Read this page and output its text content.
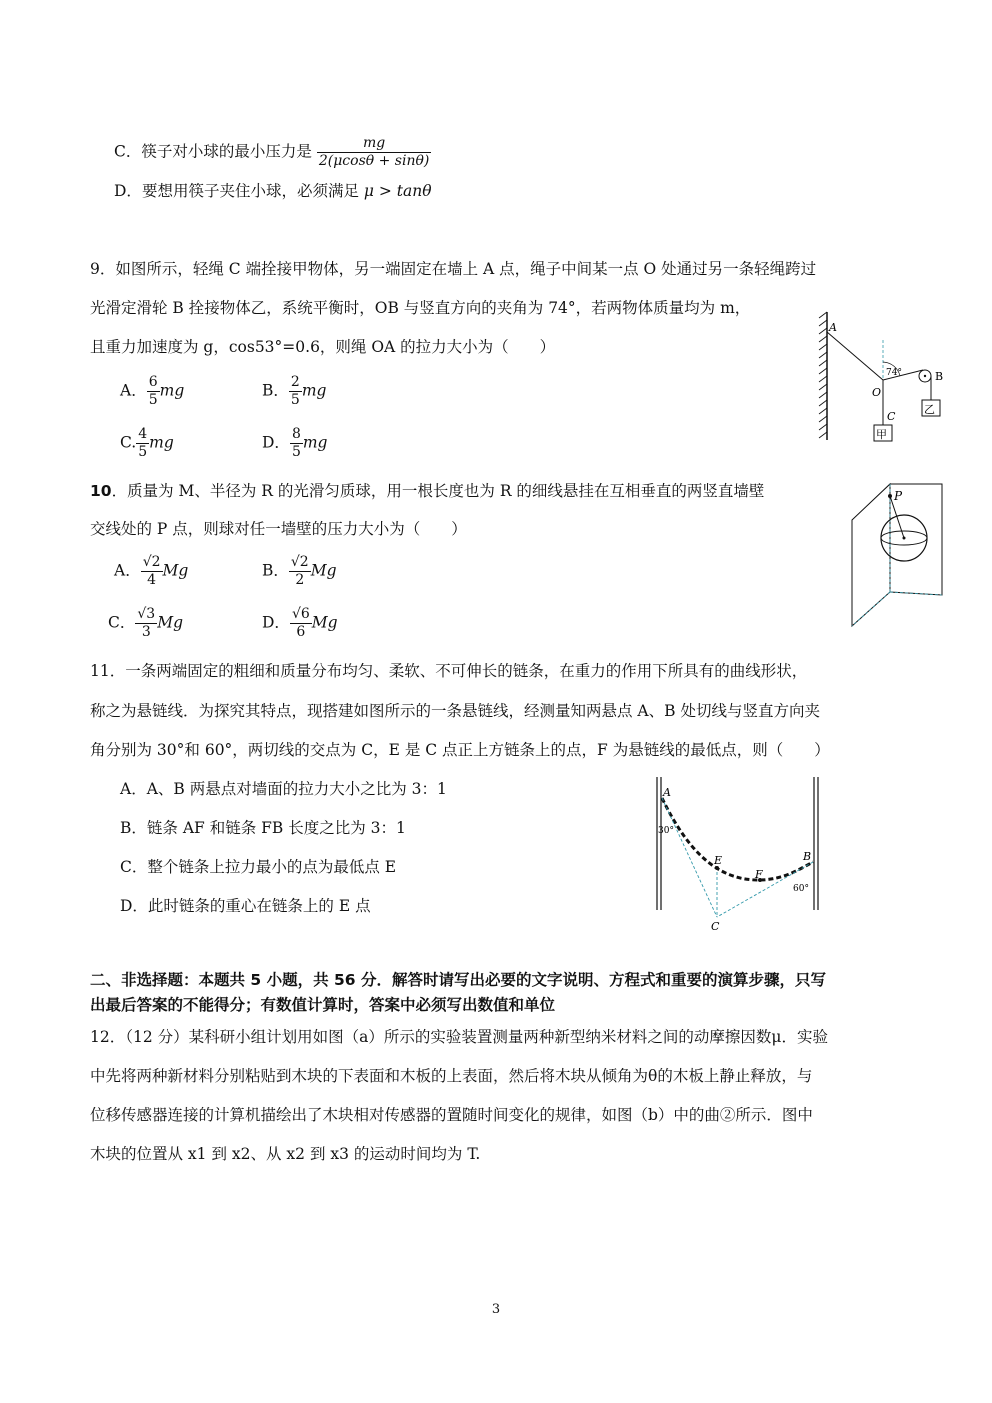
C．筷子对小球的最小压力是 $\frac{mg}{2(\mu\cos\theta + \sin\theta)}$
D．要想用筷子夹住小球，必须满足 μ > tanθ
9．如图所示，轻绳 C 端拴接甲物体，另一端固定在墙上 A 点，绳子中间某一点 O 处通过另一条轻绳跨过
光滑定滑轮 B 拴接物体乙，系统平衡时，OB 与竖直方向的夹角为 74°，若两物体质量均为 m，
且重力加速度为 g，cos53°=0.6，则绳 OA 的拉力大小为（　　）
A． $\frac{6}{5}$ mg	B． $\frac{2}{5}$ mg
C. $\frac{4}{5}$ mg	D． $\frac{8}{5}$ mg
A
O
B
C
74°
乙
甲
10．质量为 M、半径为 R 的光滑匀质球，用一根长度也为 R 的细线悬挂在互相垂直的两竖直墙壁
交线处的 P 点，则球对任一墙壁的压力大小为（　　）
A． $\frac{√2}{4}$ Mg	B． $\frac{√2}{2}$ Mg
C． $\frac{√3}{3}$ Mg	D． $\frac{√6}{6}$ Mg
P
11．一条两端固定的粗细和质量分布均匀、柔软、不可伸长的链条，在重力的作用下所具有的曲线形状，
称之为悬链线．为探究其特点，现搭建如图所示的一条悬链线，经测量知两悬点 A、B 处切线与竖直方向夹
角分别为 30°和 60°，两切线的交点为 C，E 是 C 点正上方链条上的点，F 为悬链线的最低点，则（　　）
A．A、B 两悬点对墙面的拉力大小之比为 3：1
B．链条 AF 和链条 FB 长度之比为 3：1
C．整个链条上拉力最小的点为最低点 E
D．此时链条的重心在链条上的 E 点
A
30°
E
F
B
60°
C
二、非选择题：本题共 5 小题，共 56 分．解答时请写出必要的文字说明、方程式和重要的演算步骤，只写
出最后答案的不能得分；有数值计算时，答案中必须写出数值和单位
12．（12 分）某科研小组计划用如图（a）所示的实验装置测量两种新型纳米材料之间的动摩擦因数μ．实验
中先将两种新材料分别粘贴到木块的下表面和木板的上表面，然后将木块从倾角为θ的木板上静止释放，与
位移传感器连接的计算机描绘出了木块相对传感器的置随时间变化的规律，如图（b）中的曲②所示．图中
木块的位置从 x1 到 x2、从 x2 到 x3 的运动时间均为 T.
3
